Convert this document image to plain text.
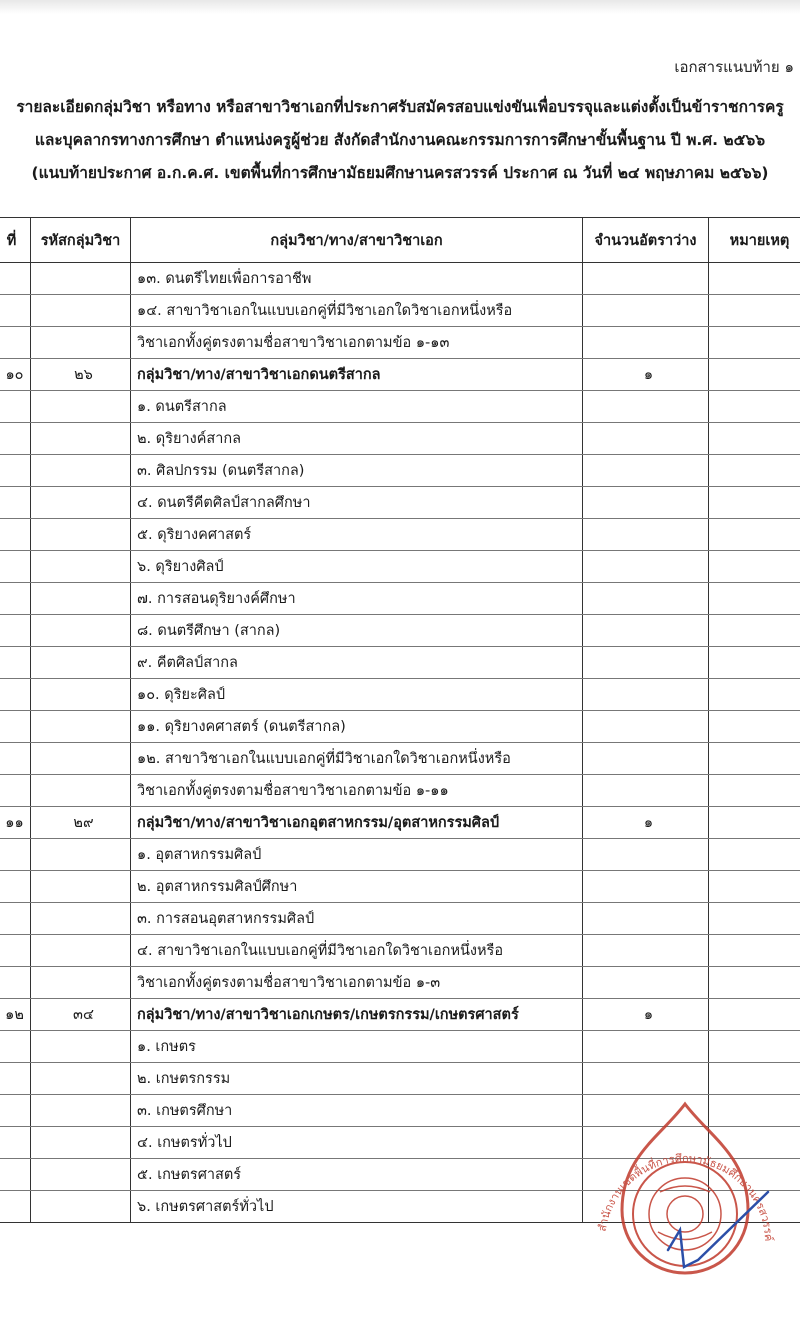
เอกสารแนบท้าย ๑
รายละเอียดกลุ่มวิชา หรือทาง หรือสาขาวิชาเอกที่ประกาศรับสมัครสอบแข่งขันเพื่อบรรจุและแต่งตั้งเป็นข้าราชการครู
และบุคลากรทางการศึกษา ตำแหน่งครูผู้ช่วย สังกัดสำนักงานคณะกรรมการการศึกษาขั้นพื้นฐาน ปี พ.ศ. ๒๕๖๖
(แนบท้ายประกาศ อ.ก.ค.ศ. เขตพื้นที่การศึกษามัธยมศึกษานครสวรรค์ ประกาศ ณ วันที่ ๒๔ พฤษภาคม ๒๕๖๖)
ที่	รหัสกลุ่มวิชา	กลุ่มวิชา/ทาง/สาขาวิชาเอก	จำนวนอัตราว่าง	หมายเหตุ
		๑๓. ดนตรีไทยเพื่อการอาชีพ		
		๑๔. สาขาวิชาเอกในแบบเอกคู่ที่มีวิชาเอกใดวิชาเอกหนึ่งหรือ		
		วิชาเอกทั้งคู่ตรงตามชื่อสาขาวิชาเอกตามข้อ ๑-๑๓		
๑๐	๒๖	กลุ่มวิชา/ทาง/สาขาวิชาเอกดนตรีสากล	๑	
		๑. ดนตรีสากล		
		๒. ดุริยางค์สากล		
		๓. ศิลปกรรม (ดนตรีสากล)		
		๔. ดนตรีคีตศิลป์สากลศึกษา		
		๕. ดุริยางคศาสตร์		
		๖. ดุริยางศิลป์		
		๗. การสอนดุริยางค์ศึกษา		
		๘. ดนตรีศึกษา (สากล)		
		๙. คีตศิลป์สากล		
		๑๐. ดุริยะศิลป์		
		๑๑. ดุริยางคศาสตร์ (ดนตรีสากล)		
		๑๒. สาขาวิชาเอกในแบบเอกคู่ที่มีวิชาเอกใดวิชาเอกหนึ่งหรือ		
		วิชาเอกทั้งคู่ตรงตามชื่อสาขาวิชาเอกตามข้อ ๑-๑๑		
๑๑	๒๙	กลุ่มวิชา/ทาง/สาขาวิชาเอกอุตสาหกรรม/อุตสาหกรรมศิลป์	๑	
		๑. อุตสาหกรรมศิลป์		
		๒. อุตสาหกรรมศิลป์ศึกษา		
		๓. การสอนอุตสาหกรรมศิลป์		
		๔. สาขาวิชาเอกในแบบเอกคู่ที่มีวิชาเอกใดวิชาเอกหนึ่งหรือ		
		วิชาเอกทั้งคู่ตรงตามชื่อสาขาวิชาเอกตามข้อ ๑-๓		
๑๒	๓๔	กลุ่มวิชา/ทาง/สาขาวิชาเอกเกษตร/เกษตรกรรม/เกษตรศาสตร์	๑	
		๑. เกษตร		
		๒. เกษตรกรรม		
		๓. เกษตรศึกษา		
		๔. เกษตรทั่วไป		
		๕. เกษตรศาสตร์		
		๖. เกษตรศาสตร์ทั่วไป		
สำนักงานเขตพื้นที่การศึกษามัธยมศึกษานครสวรรค์
